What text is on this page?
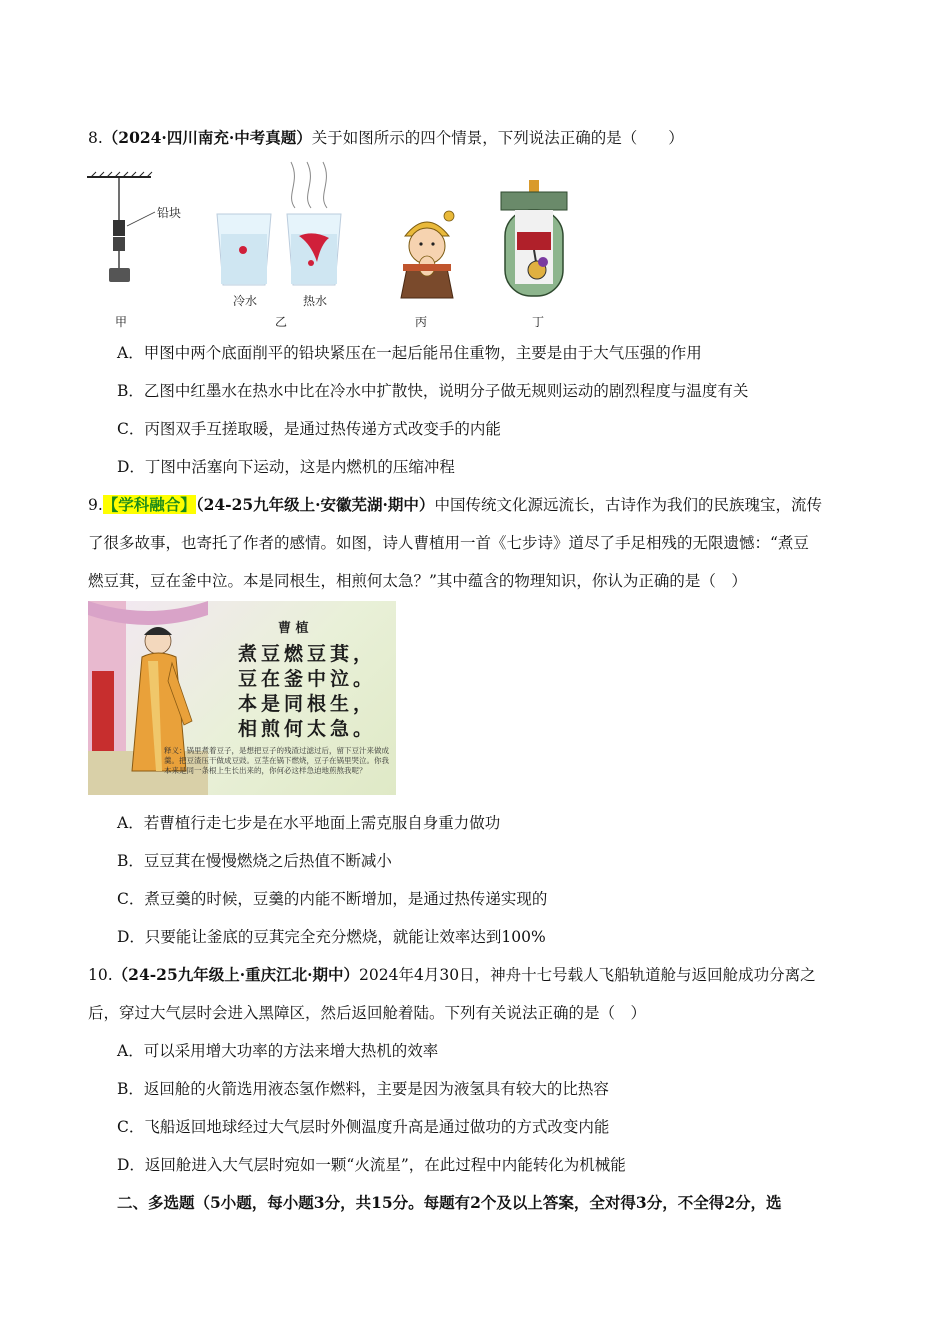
8.（2024·四川南充·中考真题）关于如图所示的四个情景，下列说法正确的是（　　）
铅块
冷水	热水
甲	乙	丙	丁
A．甲图中两个底面削平的铅块紧压在一起后能吊住重物，主要是由于大气压强的作用
B．乙图中红墨水在热水中比在冷水中扩散快，说明分子做无规则运动的剧烈程度与温度有关
C．丙图双手互搓取暖，是通过热传递方式改变手的内能
D．丁图中活塞向下运动，这是内燃机的压缩冲程
9.【学科融合】（24-25九年级上·安徽芜湖·期中）中国传统文化源远流长，古诗作为我们的民族瑰宝，流传
了很多故事，也寄托了作者的感情。如图，诗人曹植用一首《七步诗》道尽了手足相残的无限遗憾：“煮豆
燃豆萁，豆在釜中泣。本是同根生，相煎何太急？”其中蕴含的物理知识，你认为正确的是（　）
曹 植
煮豆燃豆萁，
豆在釜中泣。
本是同根生，
相煎何太急。
释义：锅里煮着豆子，是想把豆子的残渣过滤过后，留下豆汁来做成羹。把豆渣压干做成豆豉。豆茎在锅下燃烧，豆子在锅里哭泣。你我本来是同一条根上生长出来的，你何必这样急迫地煎熬我呢？
A．若曹植行走七步是在水平地面上需克服自身重力做功
B．豆豆萁在慢慢燃烧之后热值不断减小
C．煮豆羹的时候，豆羹的内能不断增加，是通过热传递实现的
D．只要能让釜底的豆萁完全充分燃烧，就能让效率达到100%
10.（24-25九年级上·重庆江北·期中）2024年4月30日，神舟十七号载人飞船轨道舱与返回舱成功分离之
后，穿过大气层时会进入黑障区，然后返回舱着陆。下列有关说法正确的是（　）
A．可以采用增大功率的方法来增大热机的效率
B．返回舱的火箭选用液态氢作燃料，主要是因为液氢具有较大的比热容
C．飞船返回地球经过大气层时外侧温度升高是通过做功的方式改变内能
D．返回舱进入大气层时宛如一颗“火流星”，在此过程中内能转化为机械能
二、多选题（5小题，每小题3分，共15分。每题有2个及以上答案，全对得3分，不全得2分，选
